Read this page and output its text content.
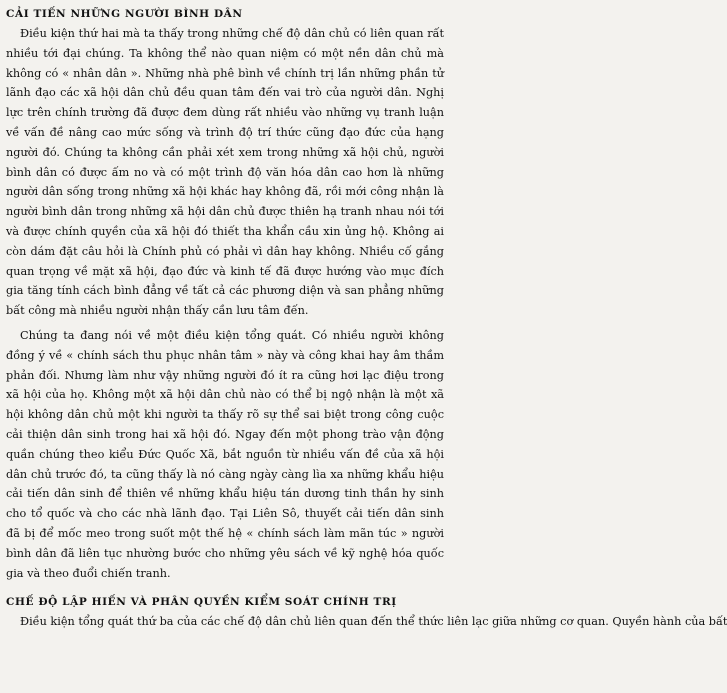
CẢI TIẾN NHỮNG NGƯỜI BÌNH DÂN

Điều kiện thứ hai mà ta thấy trong những chế độ dân chủ có liên quan rất nhiều tới đại chúng. Ta không thể nào quan niệm có một nền dân chủ mà không có « nhân dân ». Những nhà phê bình về chính trị lần những phần tử lãnh đạo các xã hội dân chủ đều quan tâm đến vai trò của người dân. Nghị lực trên chính trường đã được đem dùng rất nhiều vào những vụ tranh luận về vấn đề nâng cao mức sống và trình độ trí thức cũng đạo đức của hạng người đó. Chúng ta không cần phải xét xem trong những xã hội chủ, người bình dân có được ấm no và có một trình độ văn hóa dân cao hơn là những người dân sống trong những xã hội khác hay không đã, rồi mới công nhận là người bình dân trong những xã hội dân chủ được thiên hạ tranh nhau nói tới và được chính quyền của xã hội đó thiết tha khẩn cầu xin ủng hộ. Không ai còn dám đặt câu hỏi là Chính phủ có phải vì dân hay không. Nhiều cố gắng quan trọng về mặt xã hội, đạo đức và kinh tế đã được hướng vào mục đích gia tăng tính cách bình đẳng về tất cả các phương diện và san phẳng những bất công mà nhiều người nhận thấy cần lưu tâm đến.

Chúng ta đang nói về một điều kiện tổng quát. Có nhiều người không đồng ý về « chính sách thu phục nhân tâm » này và công khai hay âm thầm phản đối. Nhưng làm như vậy những người đó ít ra cũng hơi lạc điệu trong xã hội của họ. Không một xã hội dân chủ nào có thể bị ngộ nhận là một xã hội không dân chủ một khi người ta thấy rõ sự thể sai biệt trong công cuộc cải thiện dân sinh trong hai xã hội đó. Ngay đến một phong trào vận động quần chúng theo kiểu Đức Quốc Xã, bắt nguồn từ nhiều vấn đề của xã hội dân chủ trước đó, ta cũng thấy là nó càng ngày càng lìa xa những khẩu hiệu cải tiến dân sinh để thiên về những khẩu hiệu tán dương tinh thần hy sinh cho tổ quốc và cho các nhà lãnh đạo. Tại Liên Sô, thuyết cải tiến dân sinh đã bị để mốc meo trong suốt một thế hệ « chính sách làm mãn túc » người bình dân đã liên tục nhường bước cho những yêu sách về kỹ nghệ hóa quốc gia và theo đuổi chiến tranh.

CHẾ ĐỘ LẬP HIẾN VÀ PHÂN QUYỀN KIỂM SOÁT CHÍNH TRỊ

Điều kiện tổng quát thứ ba của các chế độ dân chủ liên quan đến thể thức liên lạc giữa những cơ quan. Quyền hành của bất
